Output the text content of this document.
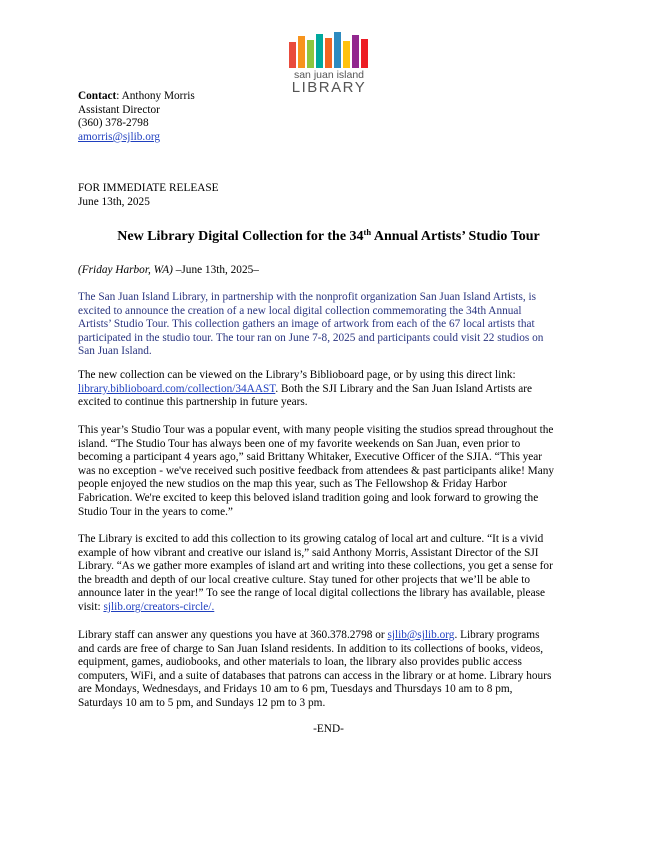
san juan island
LIBRARY
Contact: Anthony Morris
Assistant Director
(360) 378-2798
amorris@sjlib.org
FOR IMMEDIATE RELEASE
June 13th, 2025
New Library Digital Collection for the 34th Annual Artists’ Studio Tour
(Friday Harbor, WA) –June 13th, 2025–
The San Juan Island Library, in partnership with the nonprofit organization San Juan Island Artists, is
excited to announce the creation of a new local digital collection commemorating the 34th Annual
Artists’ Studio Tour. This collection gathers an image of artwork from each of the 67 local artists that
participated in the studio tour. The tour ran on June 7-8, 2025 and participants could visit 22 studios on
San Juan Island.
The new collection can be viewed on the Library’s Biblioboard page, or by using this direct link:
library.biblioboard.com/collection/34AAST. Both the SJI Library and the San Juan Island Artists are
excited to continue this partnership in future years.
This year’s Studio Tour was a popular event, with many people visiting the studios spread throughout the
island. “The Studio Tour has always been one of my favorite weekends on San Juan, even prior to
becoming a participant 4 years ago,” said Brittany Whitaker, Executive Officer of the SJIA. “This year
was no exception - we've received such positive feedback from attendees & past participants alike! Many
people enjoyed the new studios on the map this year, such as The Fellowshop & Friday Harbor
Fabrication. We're excited to keep this beloved island tradition going and look forward to growing the
Studio Tour in the years to come.”
The Library is excited to add this collection to its growing catalog of local art and culture. “It is a vivid
example of how vibrant and creative our island is,” said Anthony Morris, Assistant Director of the SJI
Library. “As we gather more examples of island art and writing into these collections, you get a sense for
the breadth and depth of our local creative culture. Stay tuned for other projects that we’ll be able to
announce later in the year!” To see the range of local digital collections the library has available, please
visit: sjlib.org/creators-circle/.
Library staff can answer any questions you have at 360.378.2798 or sjlib@sjlib.org. Library programs
and cards are free of charge to San Juan Island residents. In addition to its collections of books, videos,
equipment, games, audiobooks, and other materials to loan, the library also provides public access
computers, WiFi, and a suite of databases that patrons can access in the library or at home. Library hours
are Mondays, Wednesdays, and Fridays 10 am to 6 pm, Tuesdays and Thursdays 10 am to 8 pm,
Saturdays 10 am to 5 pm, and Sundays 12 pm to 3 pm.
-END-
